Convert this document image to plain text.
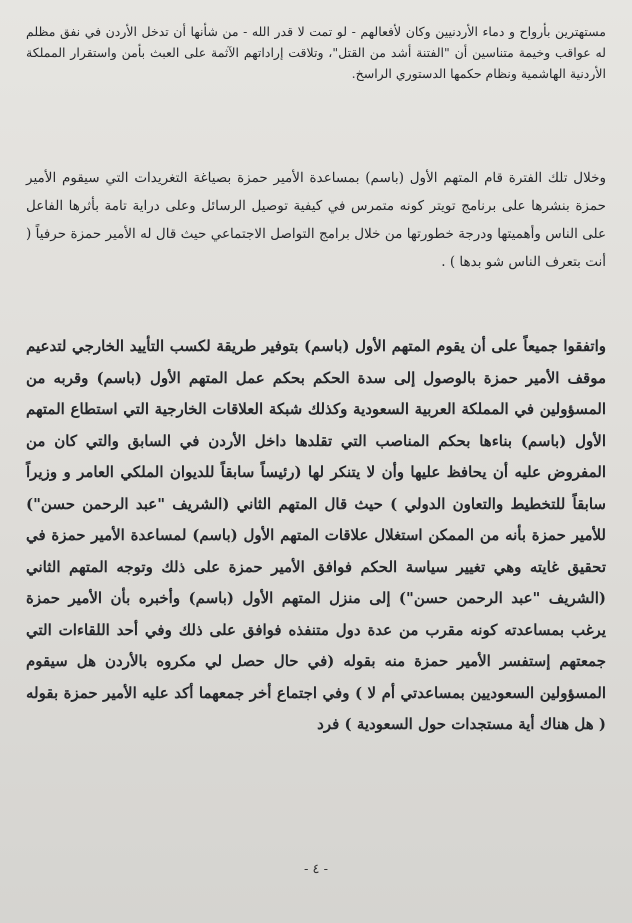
مستهترين بأرواح و دماء الأردنيين وكان لأفعالهم - لو تمت لا قدر الله - من شأنها أن تدخل الأردن في نفق مظلم له عواقب وخيمة متناسين أن "الفتنة أشد من القتل"، وتلاقت إراداتهم الآثمة على العبث بأمن واستقرار المملكة الأردنية الهاشمية ونظام حكمها الدستوري الراسخ.

وخلال تلك الفترة قام المتهم الأول (باسم) بمساعدة الأمير حمزة بصياغة التغريدات التي سيقوم الأمير حمزة بنشرها على برنامج تويتر كونه متمرس في كيفية توصيل الرسائل وعلى دراية تامة بأثرها الفاعل على الناس وأهميتها ودرجة خطورتها من خلال برامج التواصل الاجتماعي حيث قال له الأمير حمزة حرفياً ( أنت بتعرف الناس شو بدها ) .

واتفقوا جميعاً على أن يقوم المتهم الأول (باسم) بتوفير طريقة لكسب التأييد الخارجي لتدعيم موقف الأمير حمزة بالوصول إلى سدة الحكم بحكم عمل المتهم الأول (باسم) وقربه من المسؤولين في المملكة العربية السعودية وكذلك شبكة العلاقات الخارجية التي استطاع المتهم الأول (باسم) بناءها بحكم المناصب التي تقلدها داخل الأردن في السابق والتي كان من المفروض عليه أن يحافظ عليها وأن لا يتنكر لها (رئيساً سابقاً للديوان الملكي العامر و وزيراً سابقاً للتخطيط والتعاون الدولي ) حيث قال المتهم الثاني (الشريف "عبد الرحمن حسن") للأمير حمزة بأنه من الممكن استغلال علاقات المتهم الأول (باسم) لمساعدة الأمير حمزة في تحقيق غايته وهي تغيير سياسة الحكم فوافق الأمير حمزة على ذلك وتوجه المتهم الثاني (الشريف "عبد الرحمن حسن") إلى منزل المتهم الأول (باسم) وأخبره بأن الأمير حمزة يرغب بمساعدته كونه مقرب من عدة دول متنفذه فوافق على ذلك وفي أحد اللقاءات التي جمعتهم إستفسر الأمير حمزة منه بقوله (في حال حصل لي مكروه بالأردن هل سيقوم المسؤولين السعوديين بمساعدتي أم لا ) وفي اجتماع أخر جمعهما أكد عليه الأمير حمزة بقوله ( هل هناك أية مستجدات حول السعودية ) فرد

- ٤ -
